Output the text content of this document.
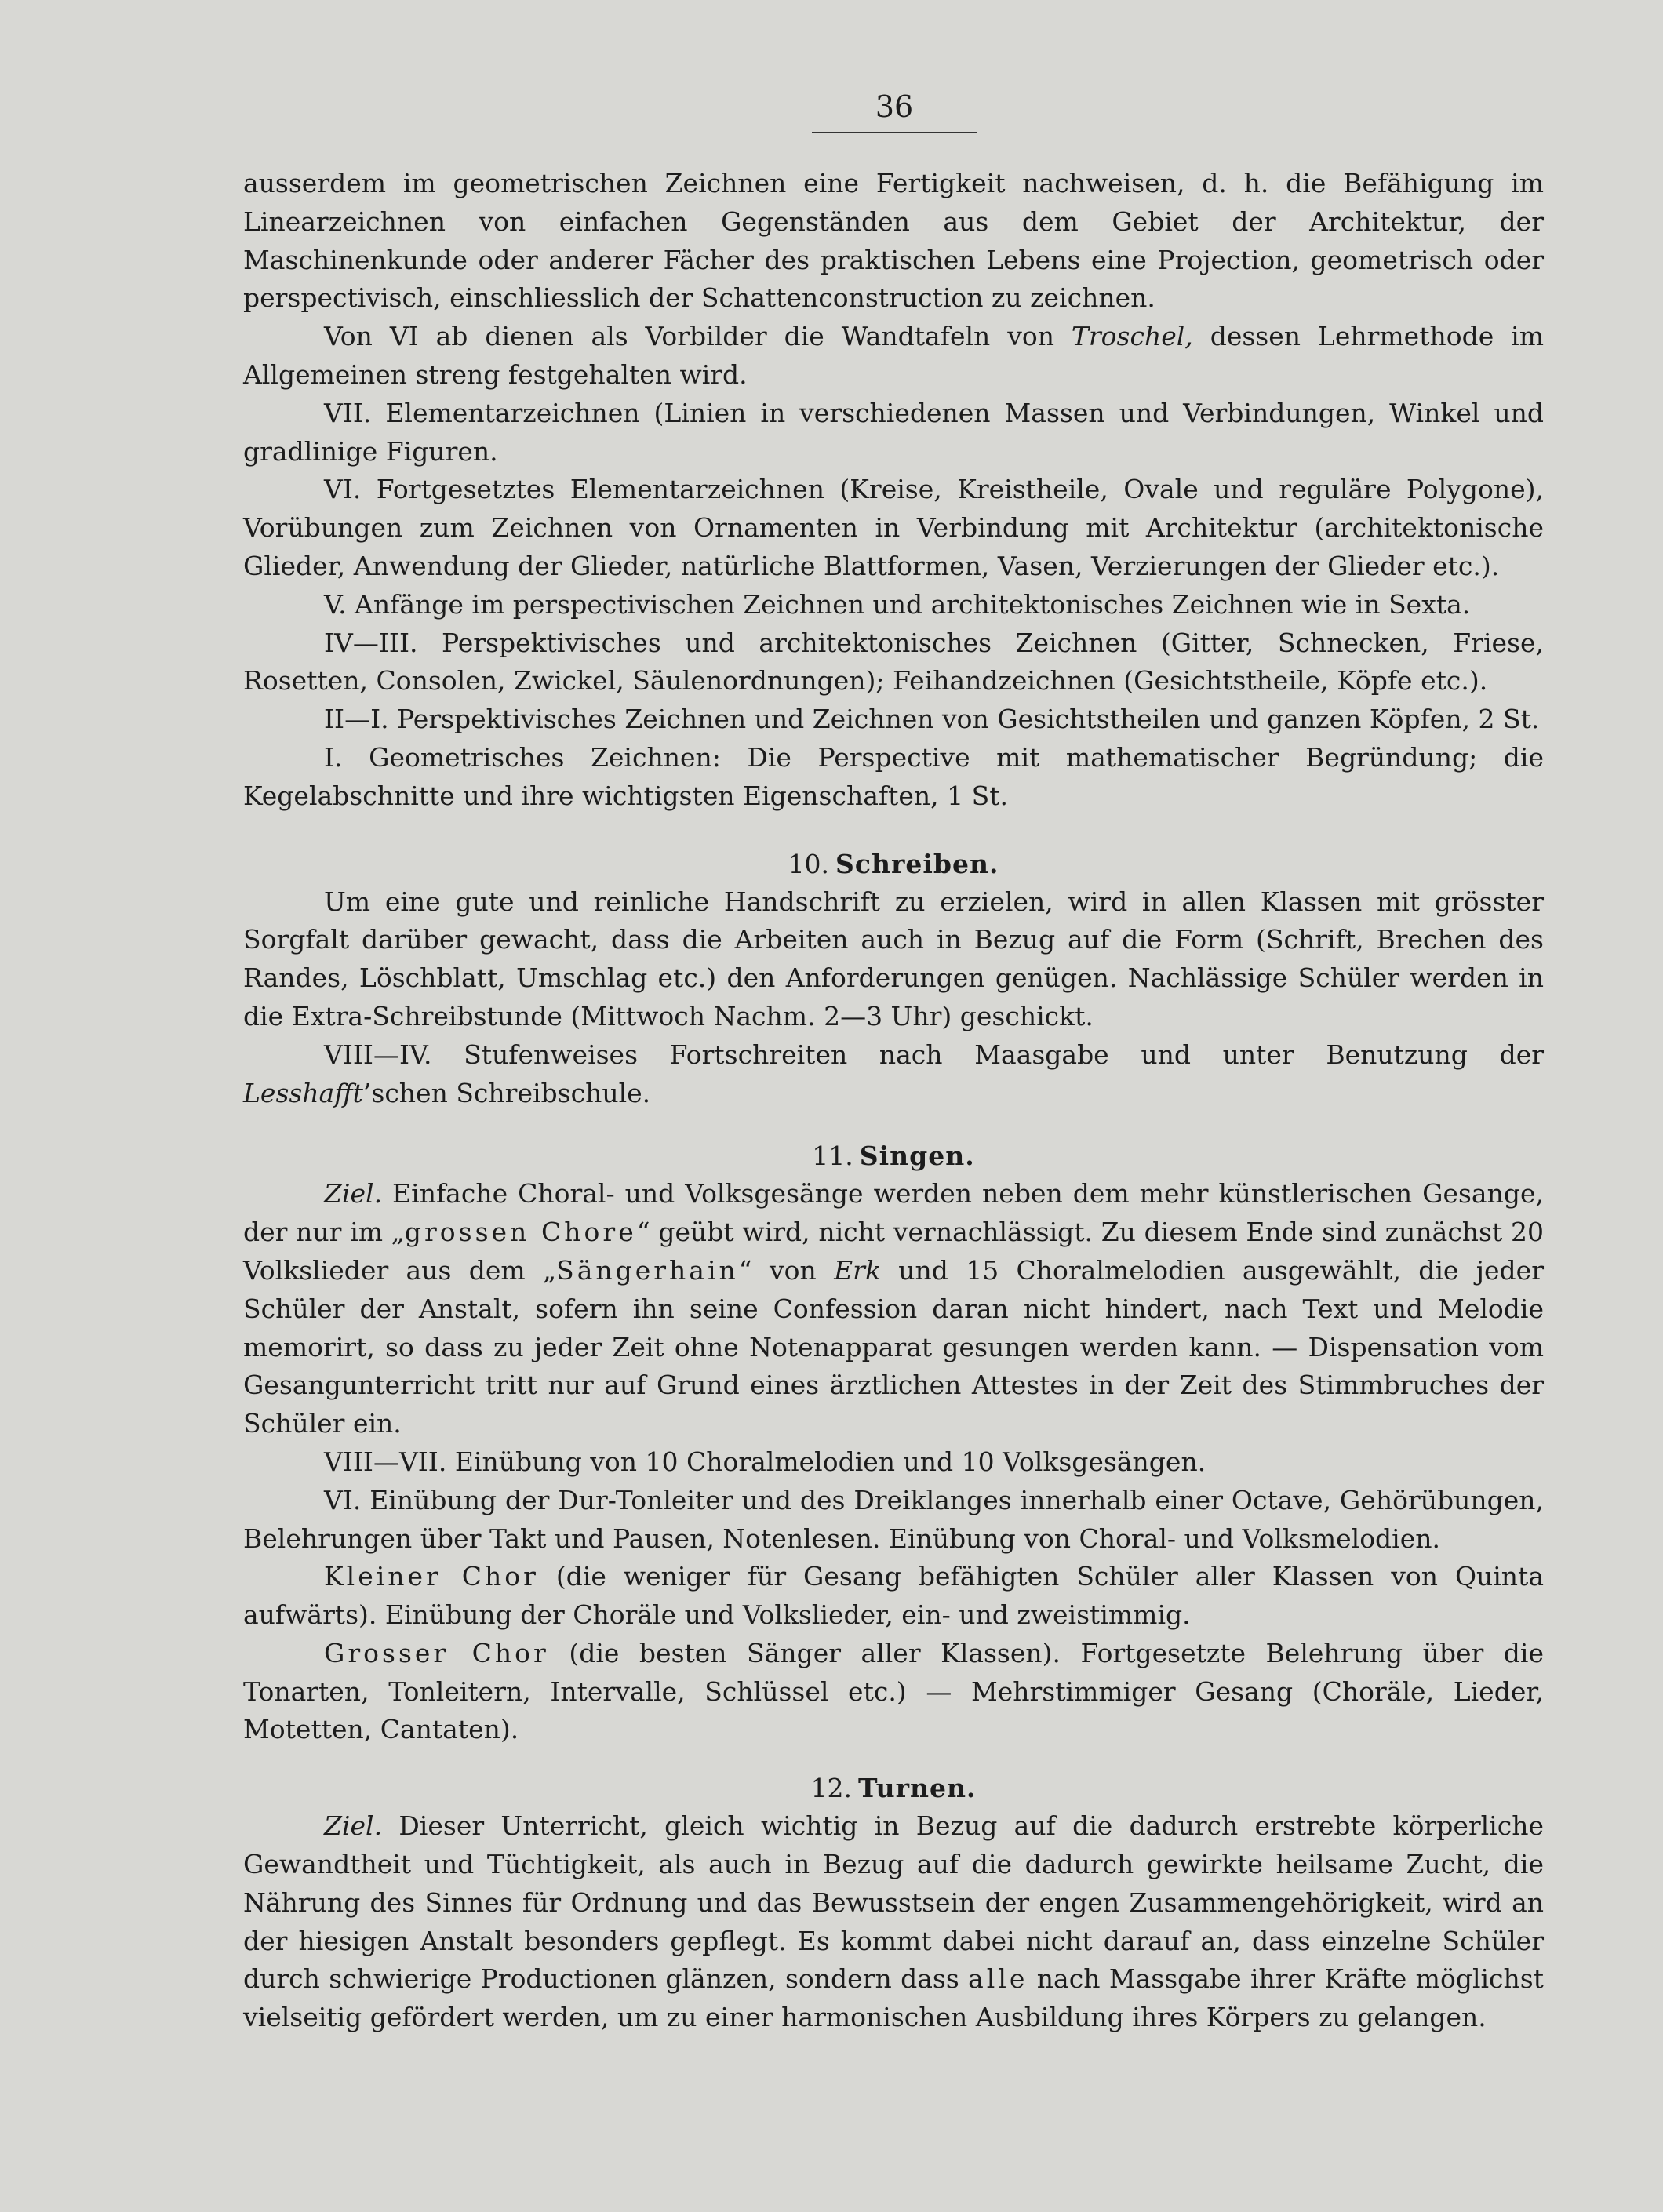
36

ausserdem im geometrischen Zeichnen eine Fertigkeit nachweisen, d. h. die Befähigung im Linearzeichnen von einfachen Gegenständen aus dem Gebiet der Architektur, der Maschinenkunde oder anderer Fächer des praktischen Lebens eine Projection, geometrisch oder perspectivisch, einschliesslich der Schattenconstruction zu zeichnen.

Von VI ab dienen als Vorbilder die Wandtafeln von Troschel, dessen Lehrmethode im Allgemeinen streng festgehalten wird.

VII. Elementarzeichnen (Linien in verschiedenen Massen und Verbindungen, Winkel und gradlinige Figuren.

VI. Fortgesetztes Elementarzeichnen (Kreise, Kreistheile, Ovale und reguläre Polygone), Vorübungen zum Zeichnen von Ornamenten in Verbindung mit Architektur (architektonische Glieder, Anwendung der Glieder, natürliche Blattformen, Vasen, Verzierungen der Glieder etc.).

V. Anfänge im perspectivischen Zeichnen und architektonisches Zeichnen wie in Sexta.

IV—III. Perspektivisches und architektonisches Zeichnen (Gitter, Schnecken, Friese, Rosetten, Consolen, Zwickel, Säulenordnungen); Feihandzeichnen (Gesichtstheile, Köpfe etc.).

II—I. Perspektivisches Zeichnen und Zeichnen von Gesichtstheilen und ganzen Köpfen, 2 St.

I. Geometrisches Zeichnen: Die Perspective mit mathematischer Begründung; die Kegelabschnitte und ihre wichtigsten Eigenschaften, 1 St.

10. Schreiben.

Um eine gute und reinliche Handschrift zu erzielen, wird in allen Klassen mit grösster Sorgfalt darüber gewacht, dass die Arbeiten auch in Bezug auf die Form (Schrift, Brechen des Randes, Löschblatt, Umschlag etc.) den Anforderungen genügen. Nachlässige Schüler werden in die Extra-Schreibstunde (Mittwoch Nachm. 2—3 Uhr) geschickt.

VIII—IV. Stufenweises Fortschreiten nach Maasgabe und unter Benutzung der Lesshafft’schen Schreibschule.

11. Singen.

Ziel. Einfache Choral- und Volksgesänge werden neben dem mehr künstlerischen Gesange, der nur im „grossen Chore“ geübt wird, nicht vernachlässigt. Zu diesem Ende sind zunächst 20 Volkslieder aus dem „Sängerhain“ von Erk und 15 Choralmelodien ausgewählt, die jeder Schüler der Anstalt, sofern ihn seine Confession daran nicht hindert, nach Text und Melodie memorirt, so dass zu jeder Zeit ohne Notenapparat gesungen werden kann. — Dispensation vom Gesangunterricht tritt nur auf Grund eines ärztlichen Attestes in der Zeit des Stimmbruches der Schüler ein.

VIII—VII. Einübung von 10 Choralmelodien und 10 Volksgesängen.

VI. Einübung der Dur-Tonleiter und des Dreiklanges innerhalb einer Octave, Gehörübungen, Belehrungen über Takt und Pausen, Notenlesen. Einübung von Choral- und Volksmelodien.

Kleiner Chor (die weniger für Gesang befähigten Schüler aller Klassen von Quinta aufwärts). Einübung der Choräle und Volkslieder, ein- und zweistimmig.

Grosser Chor (die besten Sänger aller Klassen). Fortgesetzte Belehrung über die Tonarten, Tonleitern, Intervalle, Schlüssel etc.) — Mehrstimmiger Gesang (Choräle, Lieder, Motetten, Cantaten).

12. Turnen.

Ziel. Dieser Unterricht, gleich wichtig in Bezug auf die dadurch erstrebte körperliche Gewandtheit und Tüchtigkeit, als auch in Bezug auf die dadurch gewirkte heilsame Zucht, die Nährung des Sinnes für Ordnung und das Bewusstsein der engen Zusammengehörigkeit, wird an der hiesigen Anstalt besonders gepflegt. Es kommt dabei nicht darauf an, dass einzelne Schüler durch schwierige Productionen glänzen, sondern dass alle nach Massgabe ihrer Kräfte möglichst vielseitig gefördert werden, um zu einer harmonischen Ausbildung ihres Körpers zu gelangen.
